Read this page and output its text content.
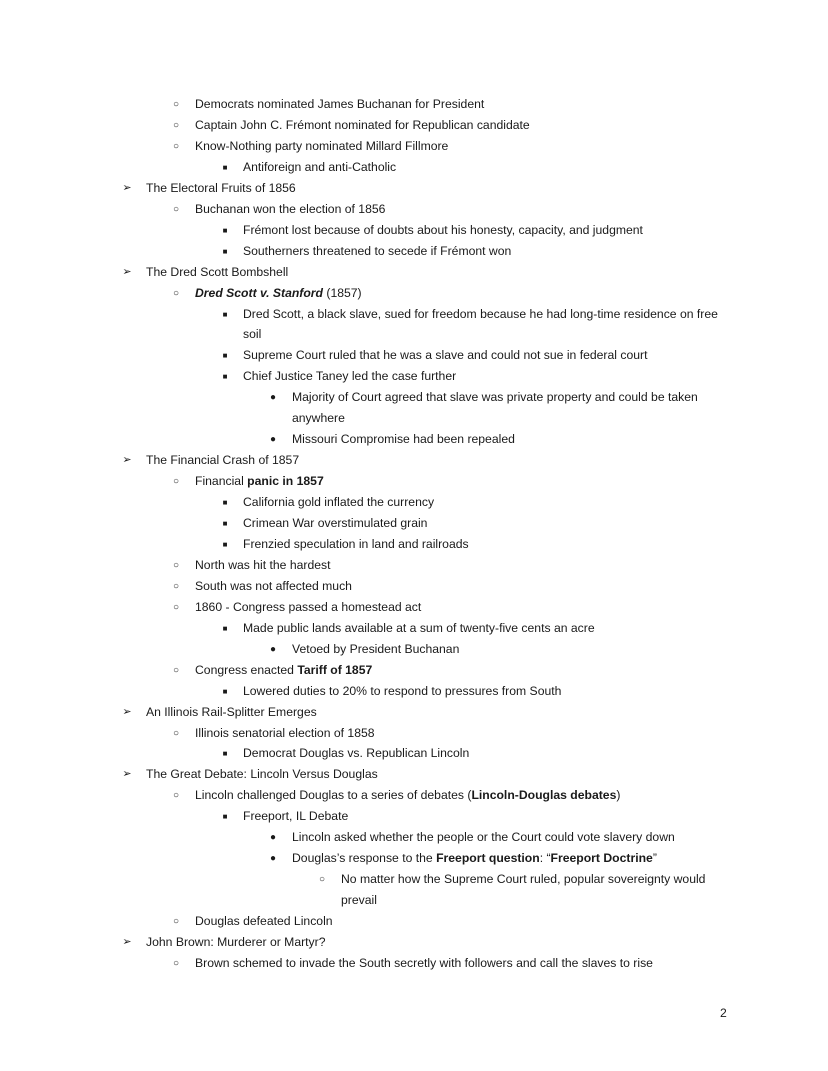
○	Democrats nominated James Buchanan for President
○	Captain John C. Frémont nominated for Republican candidate
○	Know-Nothing party nominated Millard Fillmore
■	Antiforeign and anti-Catholic
➢ The Electoral Fruits of 1856
○	Buchanan won the election of 1856
■	Frémont lost because of doubts about his honesty, capacity, and judgment
■	Southerners threatened to secede if Frémont won
➢ The Dred Scott Bombshell
○	Dred Scott v. Stanford (1857)
■	Dred Scott, a black slave, sued for freedom because he had long-time residence on free
soil
■	Supreme Court ruled that he was a slave and could not sue in federal court
■	Chief Justice Taney led the case further
●	Majority of Court agreed that slave was private property and could be taken
anywhere
●	Missouri Compromise had been repealed
➢ The Financial Crash of 1857
○	Financial panic in 1857
■	California gold inflated the currency
■	Crimean War overstimulated grain
■	Frenzied speculation in land and railroads
○	North was hit the hardest
○	South was not affected much
○	1860 - Congress passed a homestead act
■	Made public lands available at a sum of twenty-five cents an acre
●	Vetoed by President Buchanan
○	Congress enacted Tariff of 1857
■	Lowered duties to 20% to respond to pressures from South
➢ An Illinois Rail-Splitter Emerges
○	Illinois senatorial election of 1858
■	Democrat Douglas vs. Republican Lincoln
➢ The Great Debate: Lincoln Versus Douglas
○	Lincoln challenged Douglas to a series of debates (Lincoln-Douglas debates)
■	Freeport, IL Debate
●	Lincoln asked whether the people or the Court could vote slavery down
●	Douglas’s response to the Freeport question: “Freeport Doctrine”
○	No matter how the Supreme Court ruled, popular sovereignty would
prevail
○	Douglas defeated Lincoln
➢ John Brown: Murderer or Martyr?
○	Brown schemed to invade the South secretly with followers and call the slaves to rise
2
